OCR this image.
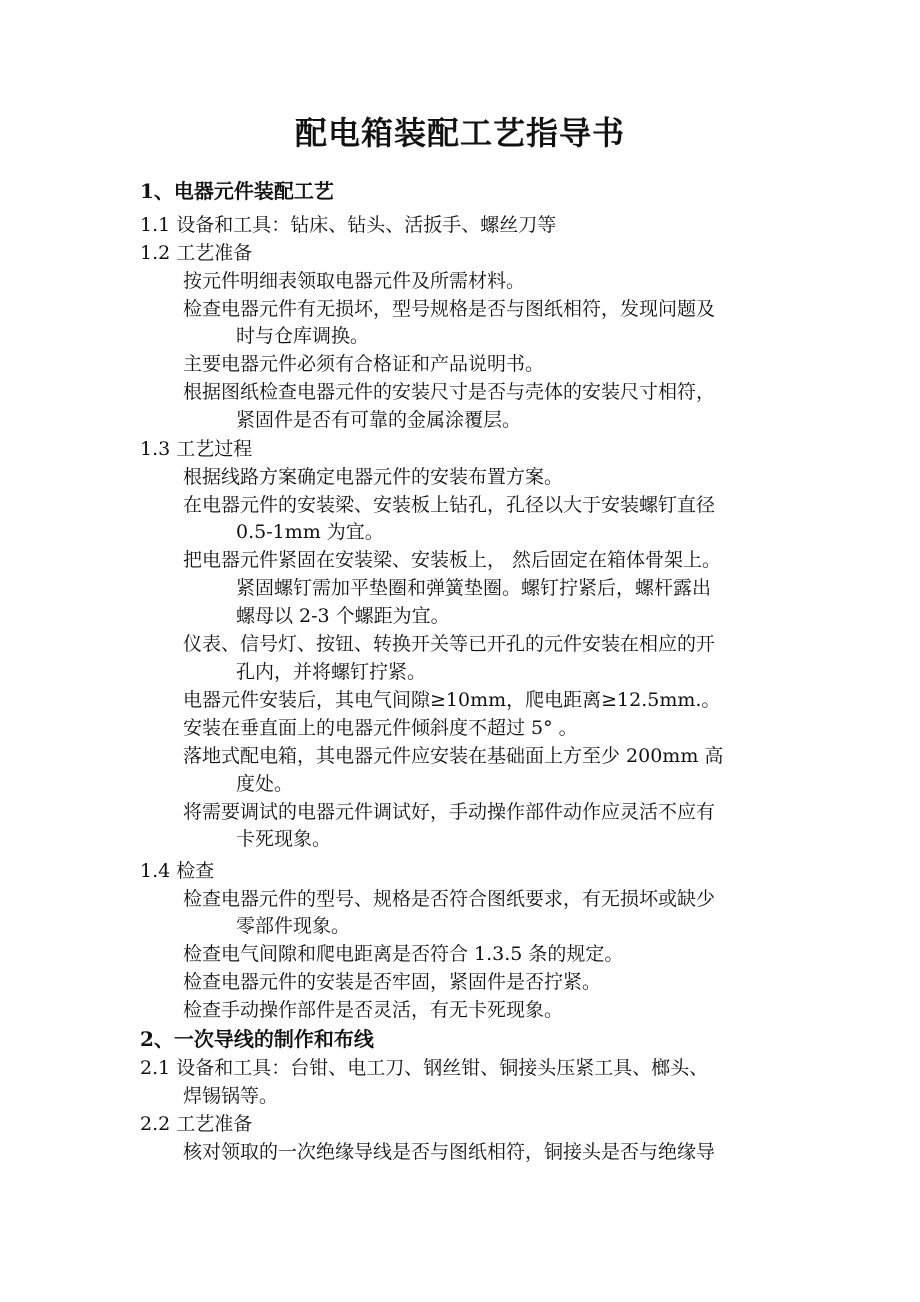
配电箱装配工艺指导书
1、电器元件装配工艺
1.1 设备和工具：钻床、钻头、活扳手、螺丝刀等
1.2 工艺准备
按元件明细表领取电器元件及所需材料。
检查电器元件有无损坏，型号规格是否与图纸相符，发现问题及
时与仓库调换。
主要电器元件必须有合格证和产品说明书。
根据图纸检查电器元件的安装尺寸是否与壳体的安装尺寸相符，
紧固件是否有可靠的金属涂覆层。
1.3 工艺过程
根据线路方案确定电器元件的安装布置方案。
在电器元件的安装梁、安装板上钻孔，孔径以大于安装螺钉直径
0.5-1mm 为宜。
把电器元件紧固在安装梁、安装板上， 然后固定在箱体骨架上。
紧固螺钉需加平垫圈和弹簧垫圈。螺钉拧紧后，螺杆露出
螺母以 2-3 个螺距为宜。
仪表、信号灯、按钮、转换开关等已开孔的元件安装在相应的开
孔内，并将螺钉拧紧。
电器元件安装后，其电气间隙≥10mm，爬电距离≥12.5mm.。
安装在垂直面上的电器元件倾斜度不超过 5° 。
落地式配电箱，其电器元件应安装在基础面上方至少 200mm 高
度处。
将需要调试的电器元件调试好，手动操作部件动作应灵活不应有
卡死现象。
1.4 检查
检查电器元件的型号、规格是否符合图纸要求，有无损坏或缺少
零部件现象。
检查电气间隙和爬电距离是否符合 1.3.5 条的规定。
检查电器元件的安装是否牢固，紧固件是否拧紧。
检查手动操作部件是否灵活，有无卡死现象。
2、一次导线的制作和布线
2.1 设备和工具：台钳、电工刀、钢丝钳、铜接头压紧工具、榔头、
焊锡锅等。
2.2 工艺准备
核对领取的一次绝缘导线是否与图纸相符，铜接头是否与绝缘导
